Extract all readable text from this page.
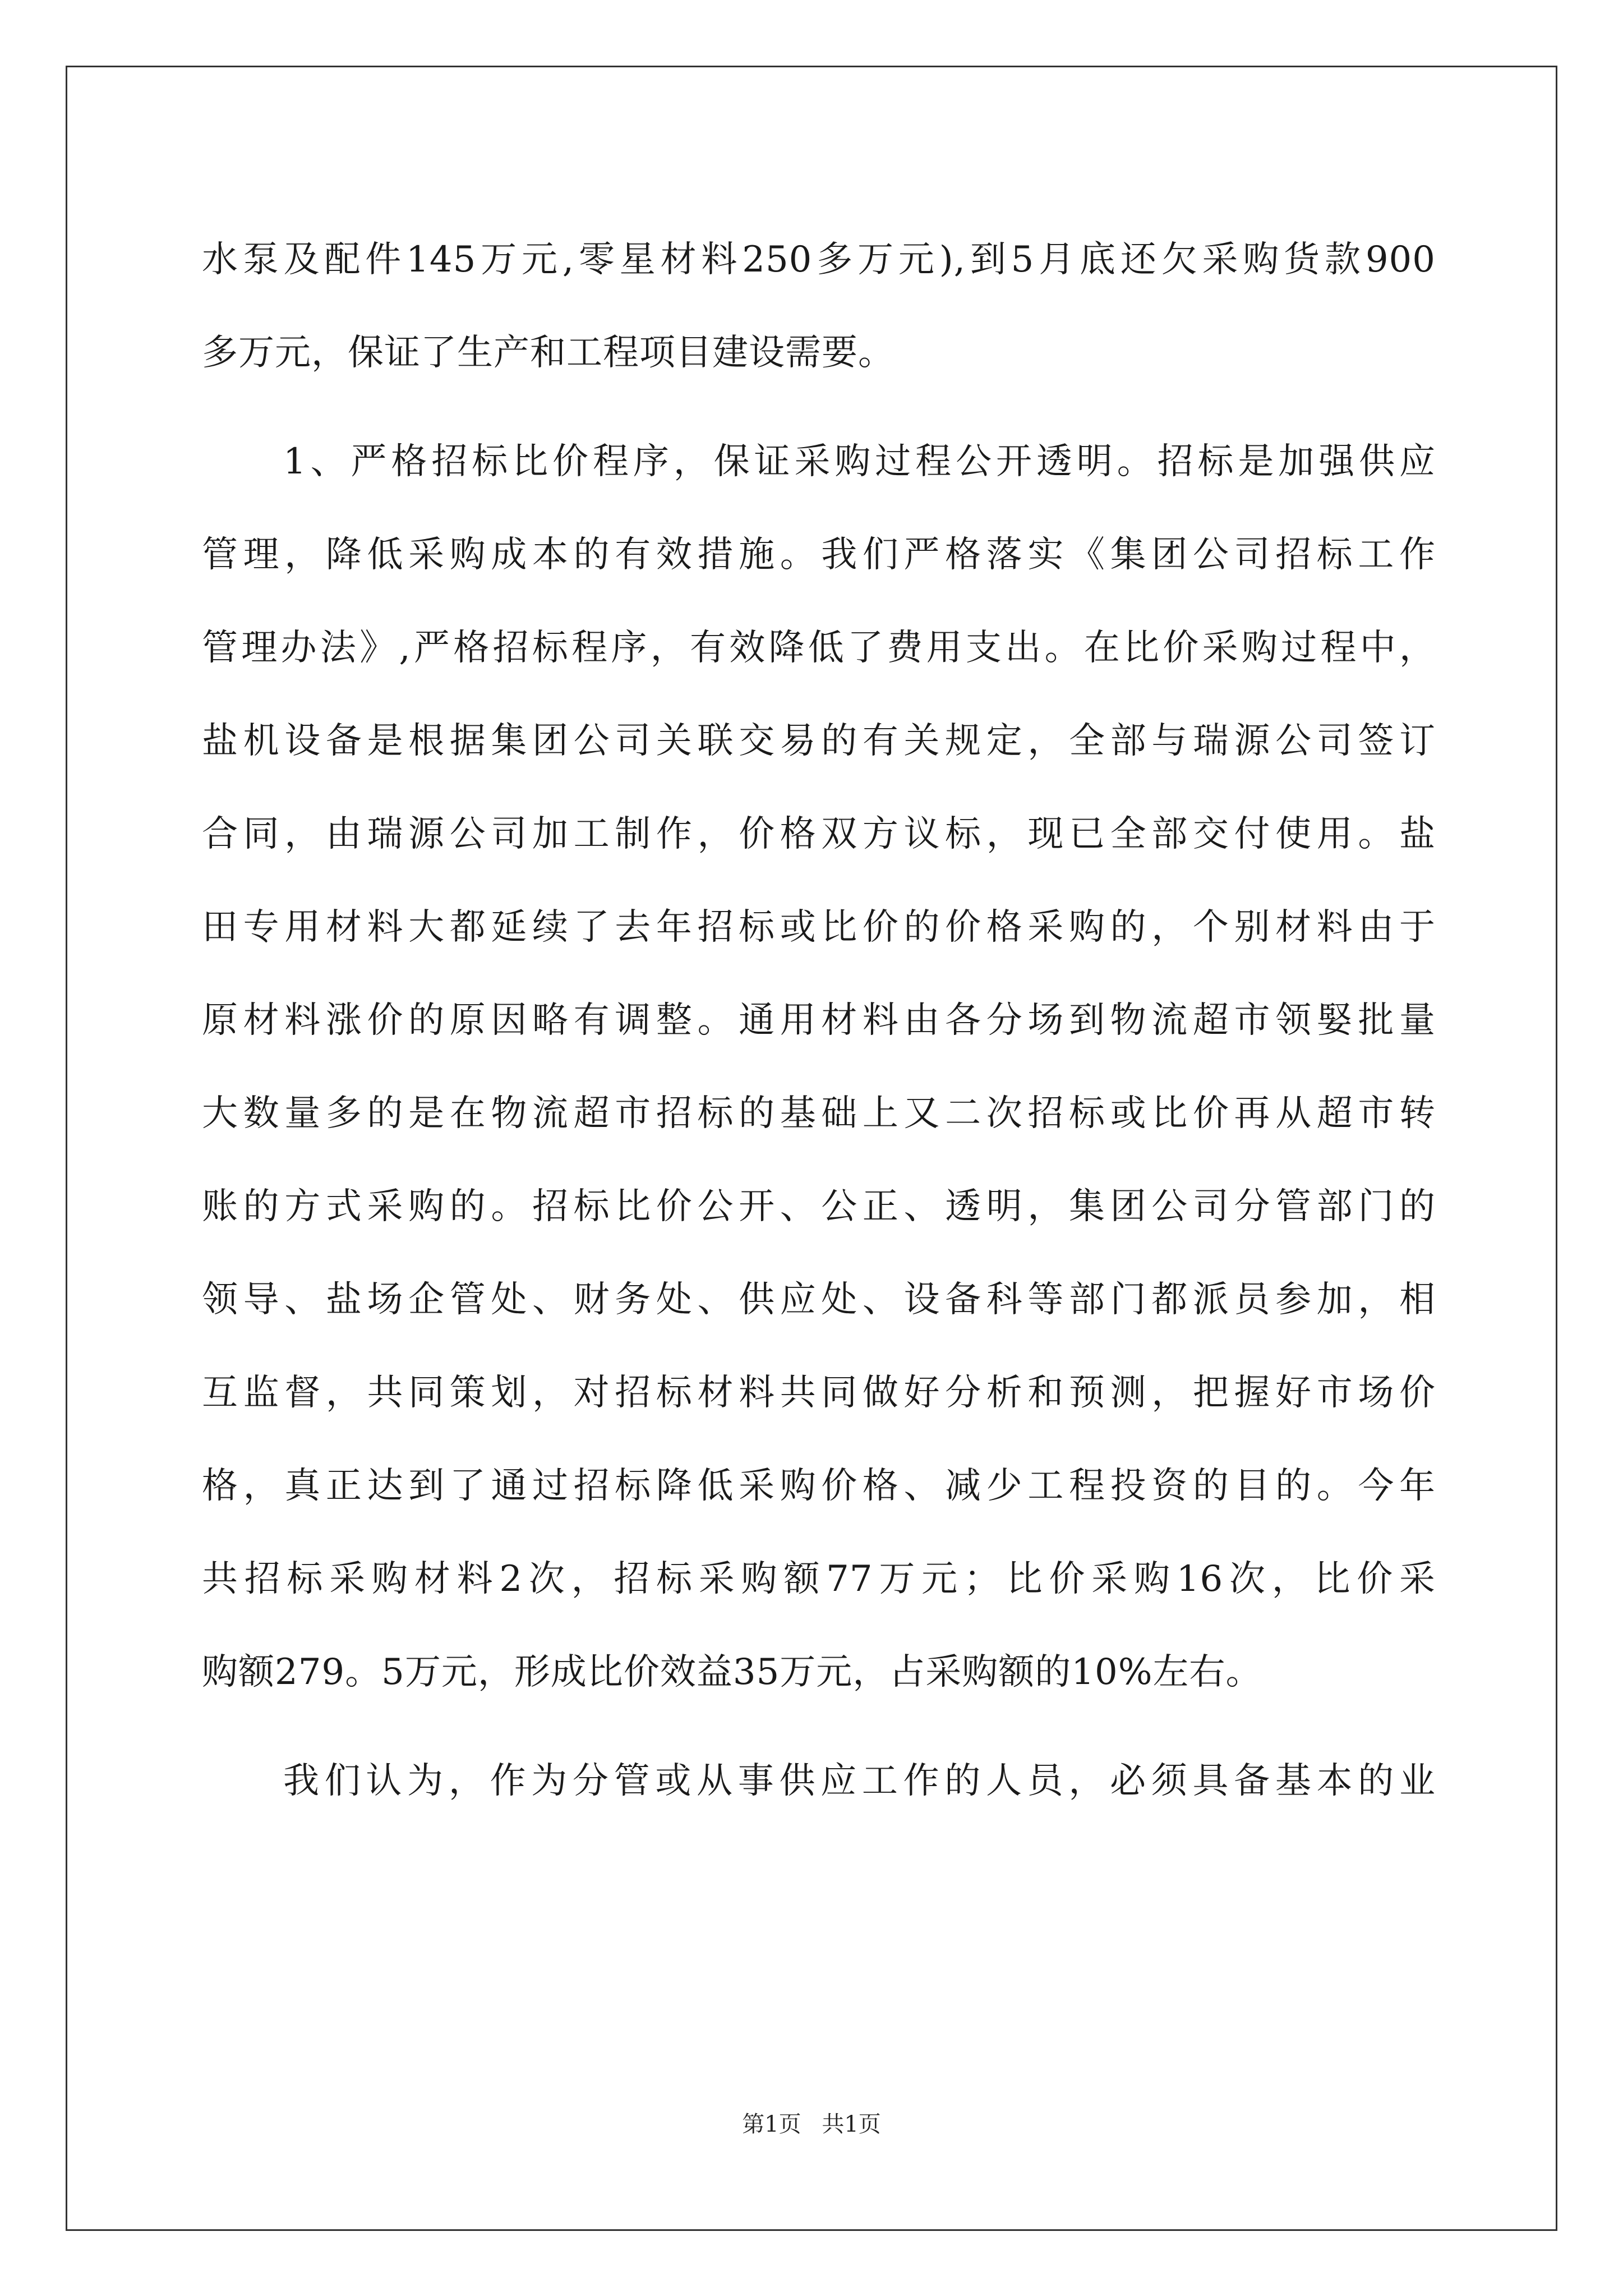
水泵及配件145万元,零星材料250多万元),到5月底还欠采购货款900
多万元，保证了生产和工程项目建设需要。
1、严格招标比价程序，保证采购过程公开透明。招标是加强供应
管理，降低采购成本的有效措施。我们严格落实《集团公司招标工作
管理办法》,严格招标程序，有效降低了费用支出。在比价采购过程中，
盐机设备是根据集团公司关联交易的有关规定，全部与瑞源公司签订
合同，由瑞源公司加工制作，价格双方议标，现已全部交付使用。盐
田专用材料大都延续了去年招标或比价的价格采购的，个别材料由于
原材料涨价的原因略有调整。通用材料由各分场到物流超市领婜批量
大数量多的是在物流超市招标的基础上又二次招标或比价再从超市转
账的方式采购的。招标比价公开、公正、透明，集团公司分管部门的
领导、盐场企管处、财务处、供应处、设备科等部门都派员参加，相
互监督，共同策划，对招标材料共同做好分析和预测，把握好市场价
格，真正达到了通过招标降低采购价格、减少工程投资的目的。今年
共招标采购材料2次，招标采购额77万元；比价采购16次，比价采
购额279。5万元，形成比价效益35万元，占采购额的10%左右。
我们认为，作为分管或从事供应工作的人员，必须具备基本的业
第1页 共1页
